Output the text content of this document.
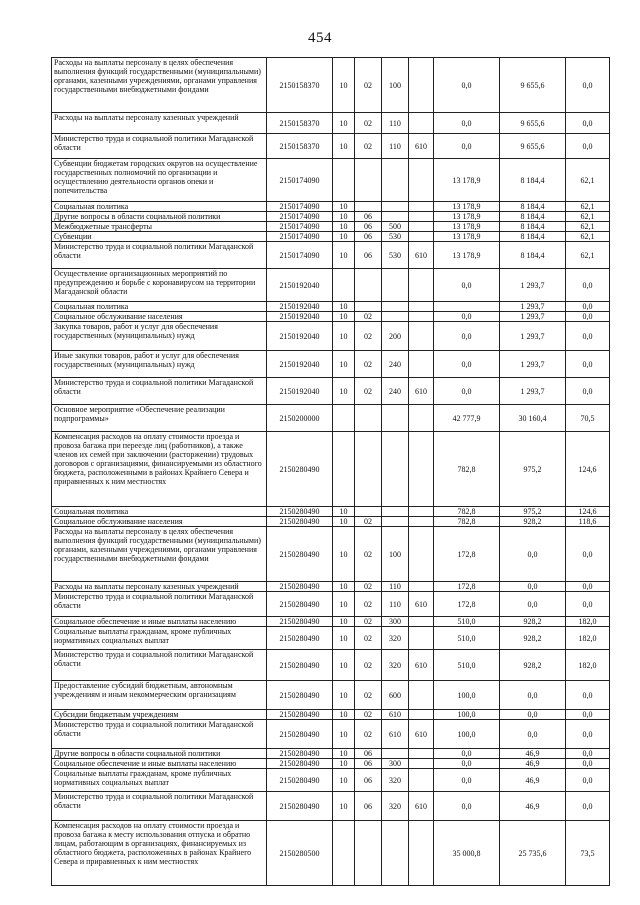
454
Расходы на выплаты персоналу в целях обеспечения выполнения функций государственными (муниципальными) органами, казенными учреждениями, органами управления государственными внебюджетными фондами	2150158370	10	02	100		0,0	9 655,6	0,0
Расходы на выплаты персоналу казенных учреждений	2150158370	10	02	110		0,0	9 655,6	0,0
Министерство труда и социальной политики Магаданской области	2150158370	10	02	110	610	0,0	9 655,6	0,0
Субвенции бюджетам городских округов на осуществление государственных полномочий по организации и осуществлению деятельности органов опеки и попечительства	2150174090					13 178,9	8 184,4	62,1
Социальная политика	2150174090	10				13 178,9	8 184,4	62,1
Другие вопросы в области социальной политики	2150174090	10	06			13 178,9	8 184,4	62,1
Межбюджетные трансферты	2150174090	10	06	500		13 178,9	8 184,4	62,1
Субвенции	2150174090	10	06	530		13 178,9	8 184,4	62,1
Министерство труда и социальной политики Магаданской области	2150174090	10	06	530	610	13 178,9	8 184,4	62,1
Осуществление организационных мероприятий по предупреждению и борьбе с коронавирусом на территории Магаданской области	2150192040					0,0	1 293,7	0,0
Социальная политика	2150192040	10					1 293,7	0,0
Социальное обслуживание населения	2150192040	10	02			0,0	1 293,7	0,0
Закупка товаров, работ и услуг для обеспечения государственных (муниципальных) нужд	2150192040	10	02	200		0,0	1 293,7	0,0
Иные закупки товаров, работ и услуг для обеспечения государственных (муниципальных) нужд	2150192040	10	02	240		0,0	1 293,7	0,0
Министерство труда и социальной политики Магаданской области	2150192040	10	02	240	610	0,0	1 293,7	0,0
Основное мероприятие «Обеспечение реализации подпрограммы»	2150200000					42 777,9	30 160,4	70,5
Компенсация расходов на оплату стоимости проезда и провоза багажа при переезде лиц (работников), а также членов их семей при заключении (расторжении) трудовых договоров с организациями, финансируемыми из областного бюджета, расположенными в районах Крайнего Севера и приравненных к ним местностях	2150280490					782,8	975,2	124,6
Социальная политика	2150280490	10				782,8	975,2	124,6
Социальное обслуживание населения	2150280490	10	02			782,8	928,2	118,6
Расходы на выплаты персоналу в целях обеспечения выполнения функций государственными (муниципальными) органами, казенными учреждениями, органами управления государственными внебюджетными фондами	2150280490	10	02	100		172,8	0,0	0,0
Расходы на выплаты персоналу казенных учреждений	2150280490	10	02	110		172,8	0,0	0,0
Министерство труда и социальной политики Магаданской области	2150280490	10	02	110	610	172,8	0,0	0,0
Социальное обеспечение и иные выплаты населению	2150280490	10	02	300		510,0	928,2	182,0
Социальные выплаты гражданам, кроме публичных нормативных социальных выплат	2150280490	10	02	320		510,0	928,2	182,0
Министерство труда и социальной политики Магаданской области	2150280490	10	02	320	610	510,0	928,2	182,0
Предоставление субсидий бюджетным, автономным учреждениям и иным некоммерческим организациям	2150280490	10	02	600		100,0	0,0	0,0
Субсидии бюджетным учреждениям	2150280490	10	02	610		100,0	0,0	0,0
Министерство труда и социальной политики Магаданской области	2150280490	10	02	610	610	100,0	0,0	0,0
Другие вопросы в области социальной политики	2150280490	10	06			0,0	46,9	0,0
Социальное обеспечение и иные выплаты населению	2150280490	10	06	300		0,0	46,9	0,0
Социальные выплаты гражданам, кроме публичных нормативных социальных выплат	2150280490	10	06	320		0,0	46,9	0,0
Министерство труда и социальной политики Магаданской области	2150280490	10	06	320	610	0,0	46,9	0,0
Компенсация расходов на оплату стоимости проезда и провоза багажа к месту использования отпуска и обратно лицам, работающим в организациях, финансируемых из областного бюджета, расположенных в районах Крайнего Севера и приравненных к ним местностях	2150280500					35 000,8	25 735,6	73,5
